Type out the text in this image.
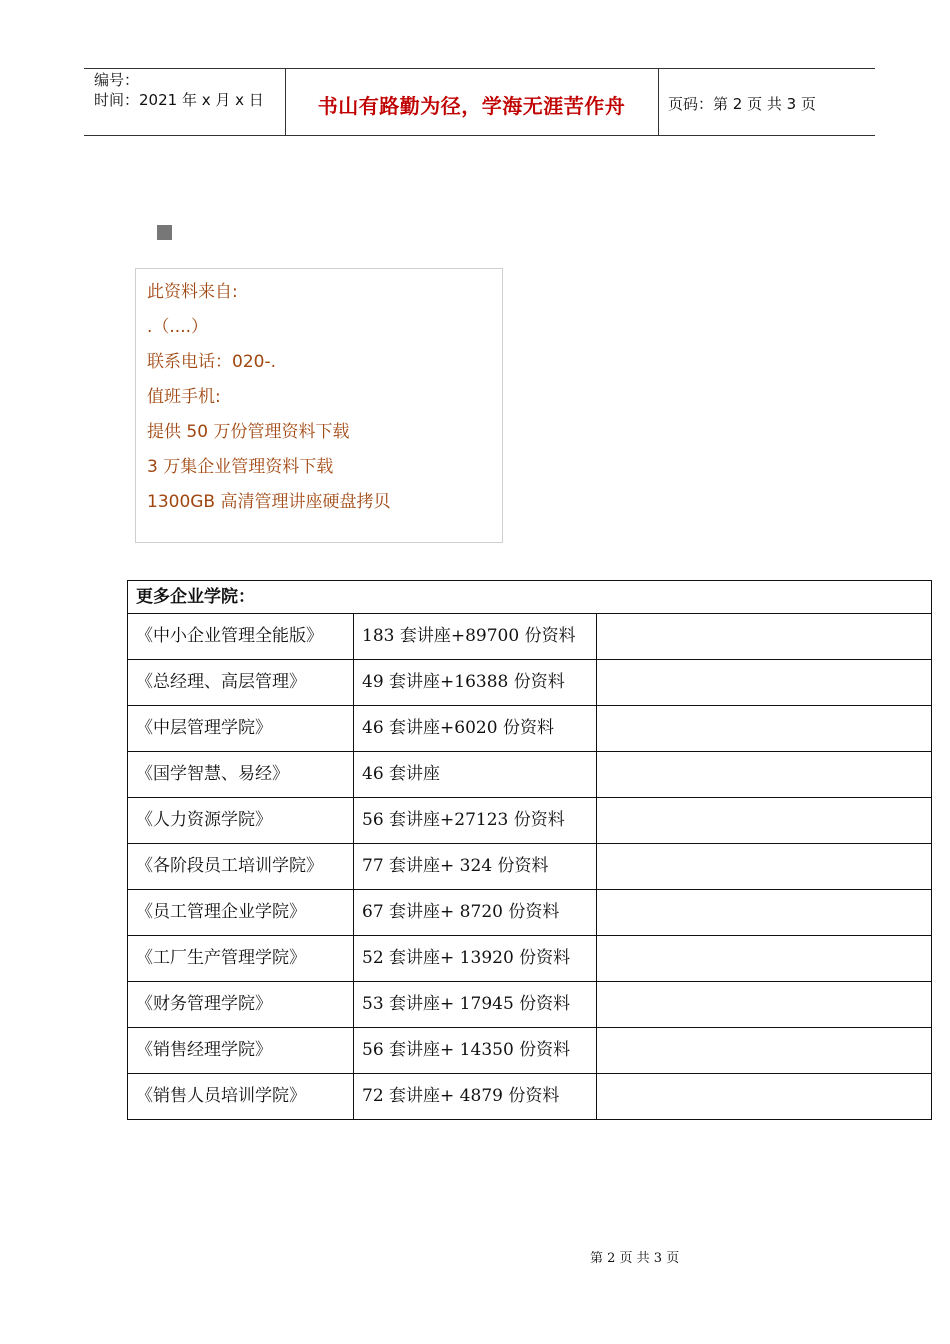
编号：
时间：2021 年 x 月 x 日	书山有路勤为径，学海无涯苦作舟	页码：第 2 页 共 3 页
此资料来自:
.（....）
联系电话：020-.
值班手机:
提供 50 万份管理资料下载
3 万集企业管理资料下载
1300GB 高清管理讲座硬盘拷贝
更多企业学院：		
《中小企业管理全能版》	183 套讲座+89700 份资料	
《总经理、高层管理》	49 套讲座+16388 份资料	
《中层管理学院》	46 套讲座+6020 份资料	
《国学智慧、易经》	46 套讲座	
《人力资源学院》	56 套讲座+27123 份资料	
《各阶段员工培训学院》	77 套讲座+ 324 份资料	
《员工管理企业学院》	67 套讲座+ 8720 份资料	
《工厂生产管理学院》	52 套讲座+ 13920 份资料	
《财务管理学院》	53 套讲座+ 17945 份资料	
《销售经理学院》	56 套讲座+ 14350 份资料	
《销售人员培训学院》	72 套讲座+ 4879 份资料	
第 2 页 共 3 页
